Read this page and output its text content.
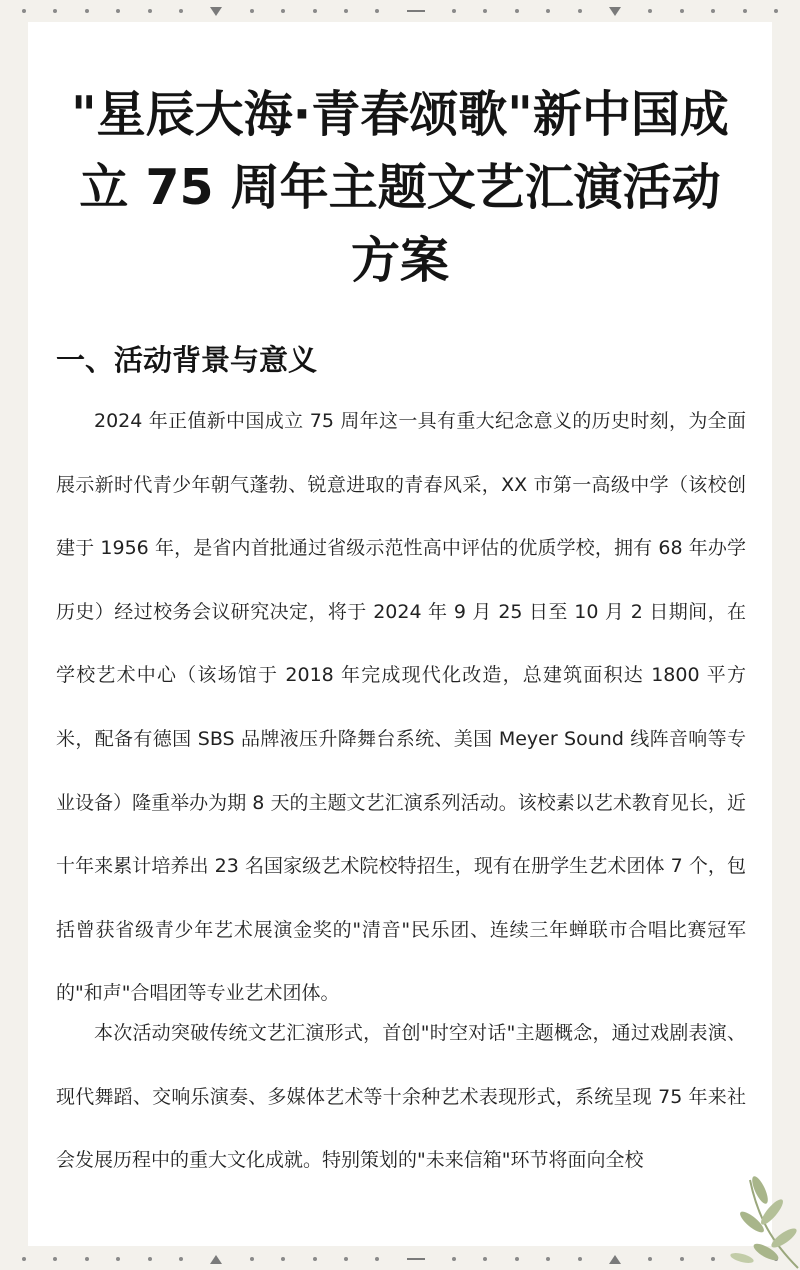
"星辰大海·青春颂歌"新中国成立 75 周年主题文艺汇演活动方案
一、活动背景与意义

2024 年正值新中国成立 75 周年这一具有重大纪念意义的历史时刻，为全面展示新时代青少年朝气蓬勃、锐意进取的青春风采，XX 市第一高级中学（该校创建于 1956 年，是省内首批通过省级示范性高中评估的优质学校，拥有 68 年办学历史）经过校务会议研究决定，将于 2024 年 9 月 25 日至 10 月 2 日期间，在学校艺术中心（该场馆于 2018 年完成现代化改造，总建筑面积达 1800 平方米，配备有德国 SBS 品牌液压升降舞台系统、美国 Meyer Sound 线阵音响等专业设备）隆重举办为期 8 天的主题文艺汇演系列活动。该校素以艺术教育见长，近十年来累计培养出 23 名国家级艺术院校特招生，现有在册学生艺术团体 7 个，包括曾获省级青少年艺术展演金奖的"清音"民乐团、连续三年蝉联市合唱比赛冠军的"和声"合唱团等专业艺术团体。

本次活动突破传统文艺汇演形式，首创"时空对话"主题概念，通过戏剧表演、现代舞蹈、交响乐演奏、多媒体艺术等十余种艺术表现形式，系统呈现 75 年来社会发展历程中的重大文化成就。特别策划的"未来信箱"环节将面向全校
